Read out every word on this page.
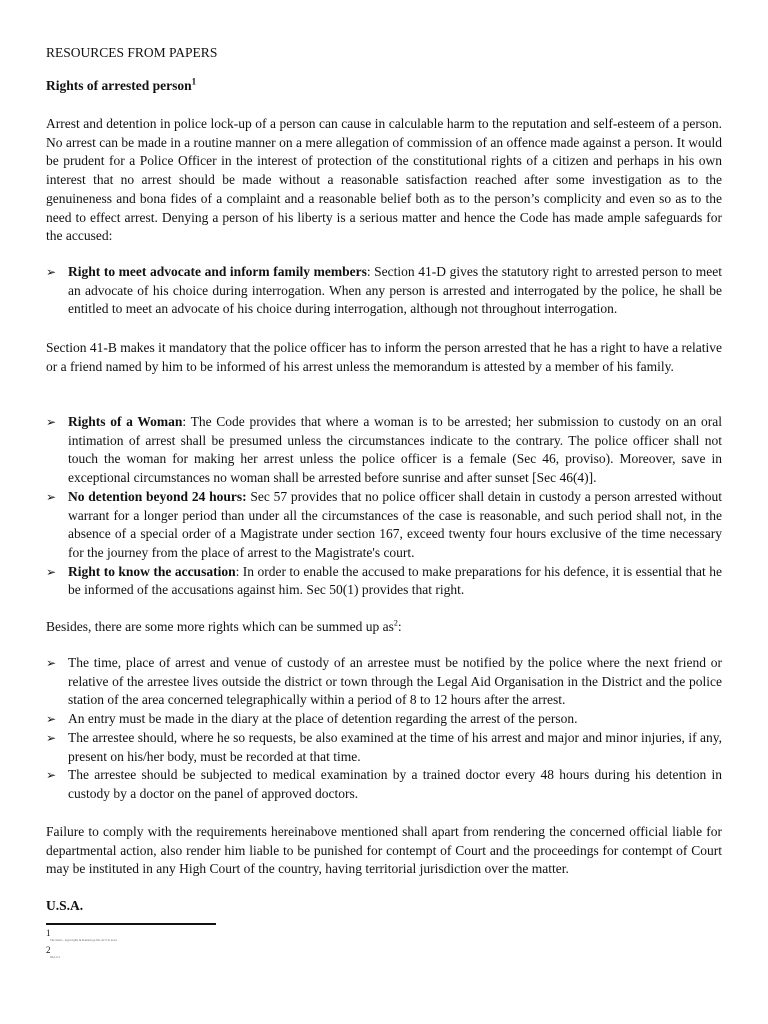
RESOURCES FROM PAPERS
Rights of arrested person$^1$
Arrest and detention in police lock-up of a person can cause in calculable harm to the reputation and self-esteem of a person. No arrest can be made in a routine manner on a mere allegation of commission of an offence made against a person. It would be prudent for a Police Officer in the interest of protection of the constitutional rights of a citizen and perhaps in his own interest that no arrest should be made without a reasonable satisfaction reached after some investigation as to the genuineness and bona fides of a complaint and a reasonable belief both as to the person’s complicity and even so as to the need to effect arrest. Denying a person of his liberty is a serious matter and hence the Code has made ample safeguards for the accused:
➢ Right to meet advocate and inform family members: Section 41-D gives the statutory right to arrested person to meet an advocate of his choice during interrogation. When any person is arrested and interrogated by the police, he shall be entitled to meet an advocate of his choice during interrogation, although not throughout interrogation.
Section 41-B makes it mandatory that the police officer has to inform the person arrested that he has a right to have a relative or a friend named by him to be informed of his arrest unless the memorandum is attested by a member of his family.
➢ Rights of a Woman: The Code provides that where a woman is to be arrested; her submission to custody on an oral intimation of arrest shall be presumed unless the circumstances indicate to the contrary. The police officer shall not touch the woman for making her arrest unless the police officer is a female (Sec 46, proviso). Moreover, save in exceptional circumstances no woman shall be arrested before sunrise and after sunset [Sec 46(4)].
➢ No detention beyond 24 hours: Sec 57 provides that no police officer shall detain in custody a person arrested without warrant for a longer period than under all the circumstances of the case is reasonable, and such period shall not, in the absence of a special order of a Magistrate under section 167, exceed twenty four hours exclusive of the time necessary for the journey from the place of arrest to the Magistrate's court.
➢ Right to know the accusation: In order to enable the accused to make preparations for his defence, it is essential that he be informed of the accusations against him. Sec 50(1) provides that right.
Besides, there are some more rights which can be summed up $as^2$:
➢ The time, place of arrest and venue of custody of an arrestee must be notified by the police where the next friend or relative of the arrestee lives outside the district or town through the Legal Aid Organisation in the District and the police station of the area concerned telegraphically within a period of 8 to 12 hours after the arrest.
➢ An entry must be made in the diary at the place of detention regarding the arrest of the person.
➢ The arrestee should, where he so requests, be also examined at the time of his arrest and major and minor injuries, if any, present on his/her body, must be recorded at that time.
➢ The arrestee should be subjected to medical examination by a trained doctor every 48 hours during his detention in custody by a doctor on the panel of approved doctors.
Failure to comply with the requirements hereinabove mentioned shall apart from rendering the concerned official liable for departmental action, also render him liable to be punished for contempt of Court and the proceedings for contempt of Court may be instituted in any High Court of the country, having territorial jurisdiction over the matter.
U.S.A.
1
Tile thesis - legal rights & Kamath ga-Mr. ACT in news
2
Ibid at 2
